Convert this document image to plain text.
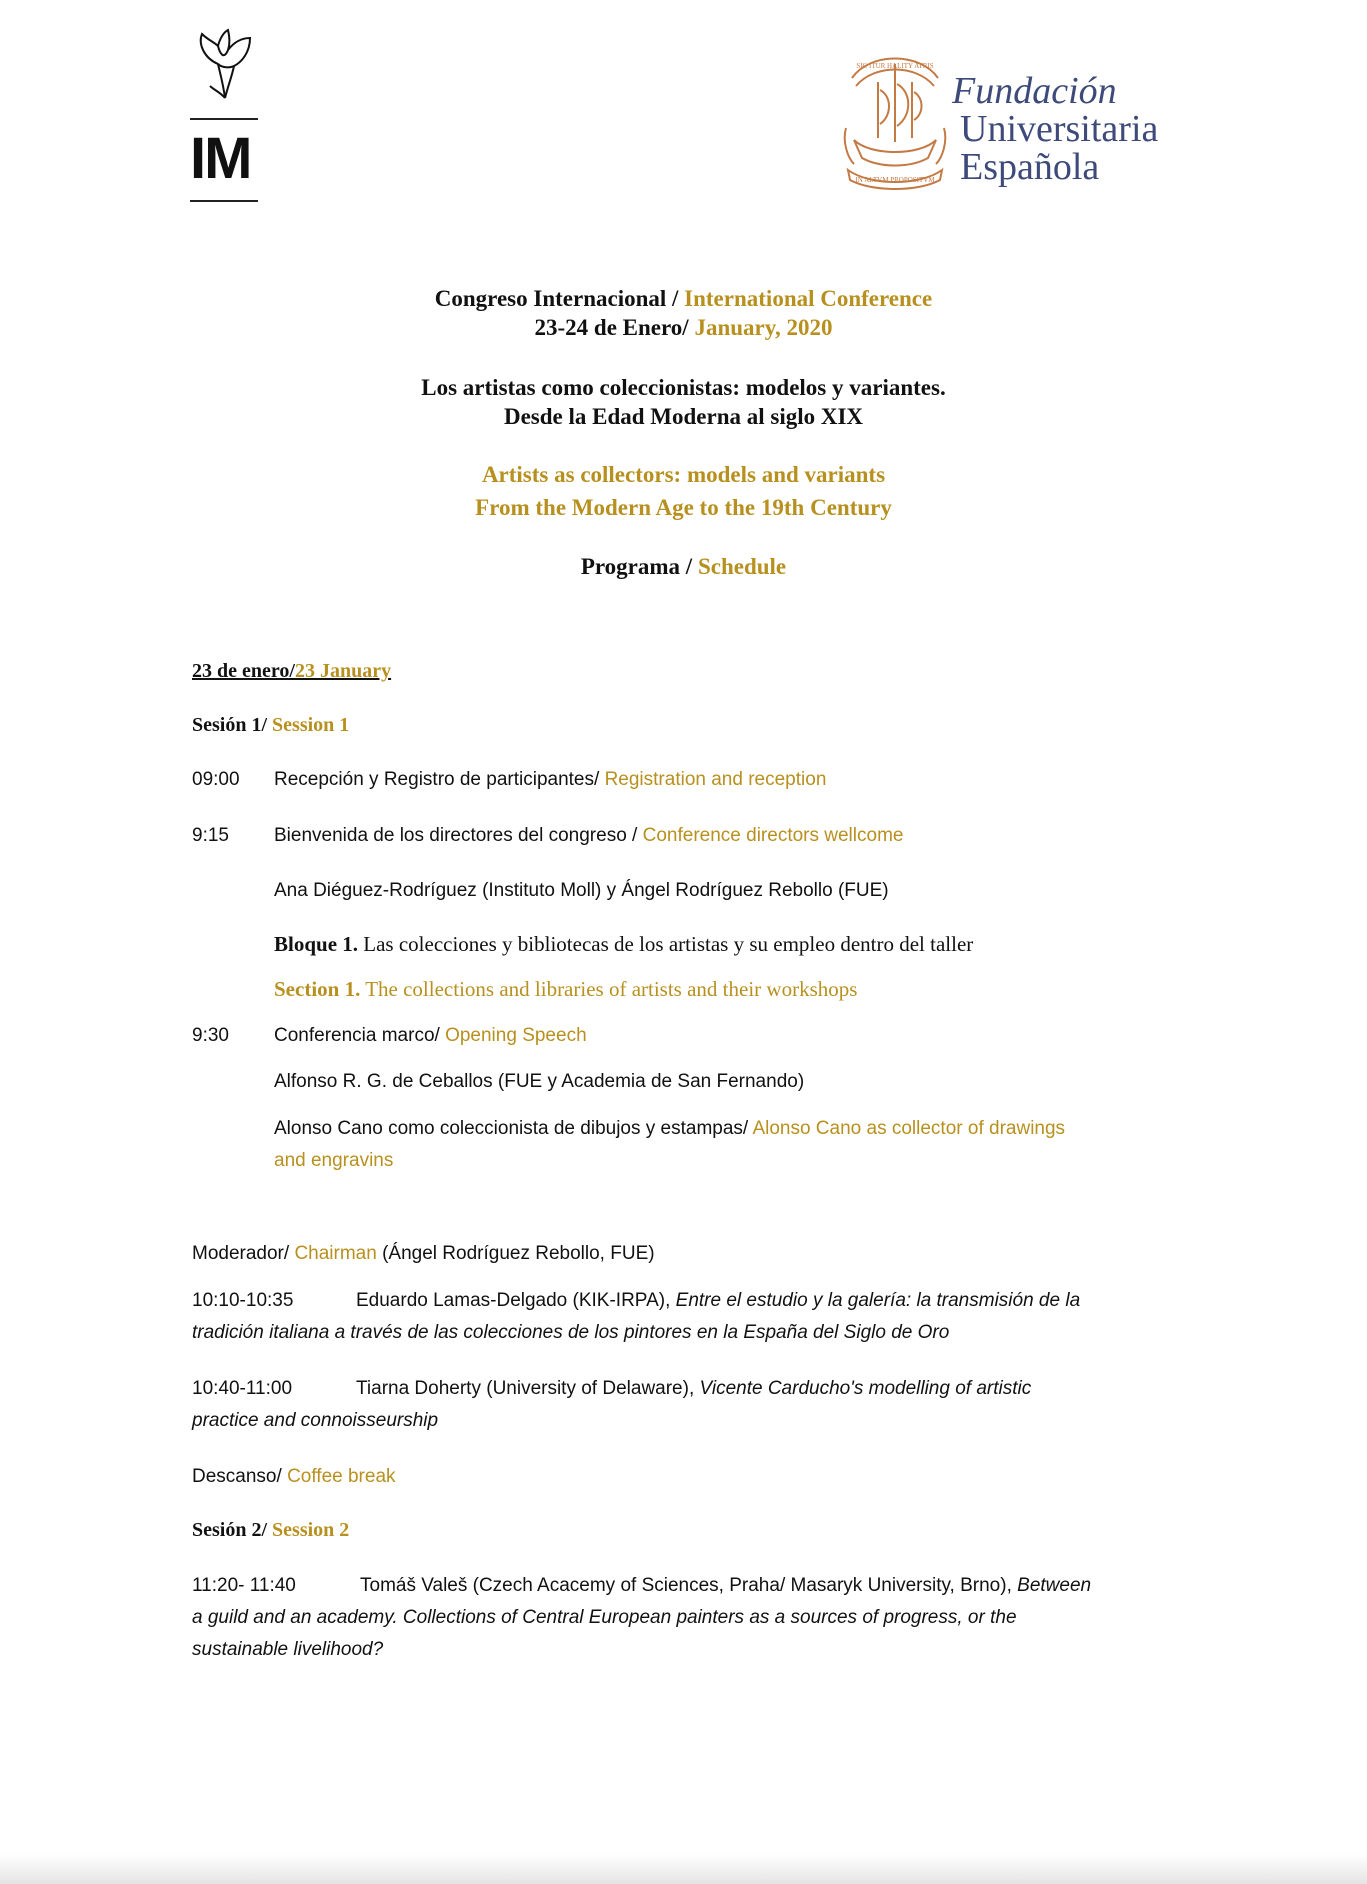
IM
SIC ITUR HALITY ATRIS
IN ALTVM PROPOSITVM
Fundación
Universitaria
Española
Congreso Internacional / International Conference
23-24 de Enero/ January, 2020
Los artistas como coleccionistas: modelos y variantes.
Desde la Edad Moderna al siglo XIX
Artists as collectors: models and variants
From the Modern Age to the 19th Century
Programa / Schedule
23 de enero/23 January
Sesión 1/ Session 1
09:00 Recepción y Registro de participantes/ Registration and reception
9:15 Bienvenida de los directores del congreso / Conference directors wellcome
Ana Diéguez-Rodríguez (Instituto Moll) y Ángel Rodríguez Rebollo (FUE)
Bloque 1. Las colecciones y bibliotecas de los artistas y su empleo dentro del taller
Section 1. The collections and libraries of artists and their workshops
9:30 Conferencia marco/ Opening Speech
Alfonso R. G. de Ceballos (FUE y Academia de San Fernando)
Alonso Cano como coleccionista de dibujos y estampas/ Alonso Cano as collector of drawings
and engravins
Moderador/ Chairman (Ángel Rodríguez Rebollo, FUE)
10:10-10:35	Eduardo Lamas-Delgado (KIK-IRPA), Entre el estudio y la galería: la transmisión de la
tradición italiana a través de las colecciones de los pintores en la España del Siglo de Oro
10:40-11:00	Tiarna Doherty (University of Delaware), Vicente Carducho's modelling of artistic
practice and connoisseurship
Descanso/ Coffee break
Sesión 2/ Session 2
11:20- 11:40	Tomáš Valeš (Czech Acacemy of Sciences, Praha/ Masaryk University, Brno), Between
a guild and an academy. Collections of Central European painters as a sources of progress, or the
sustainable livelihood?
